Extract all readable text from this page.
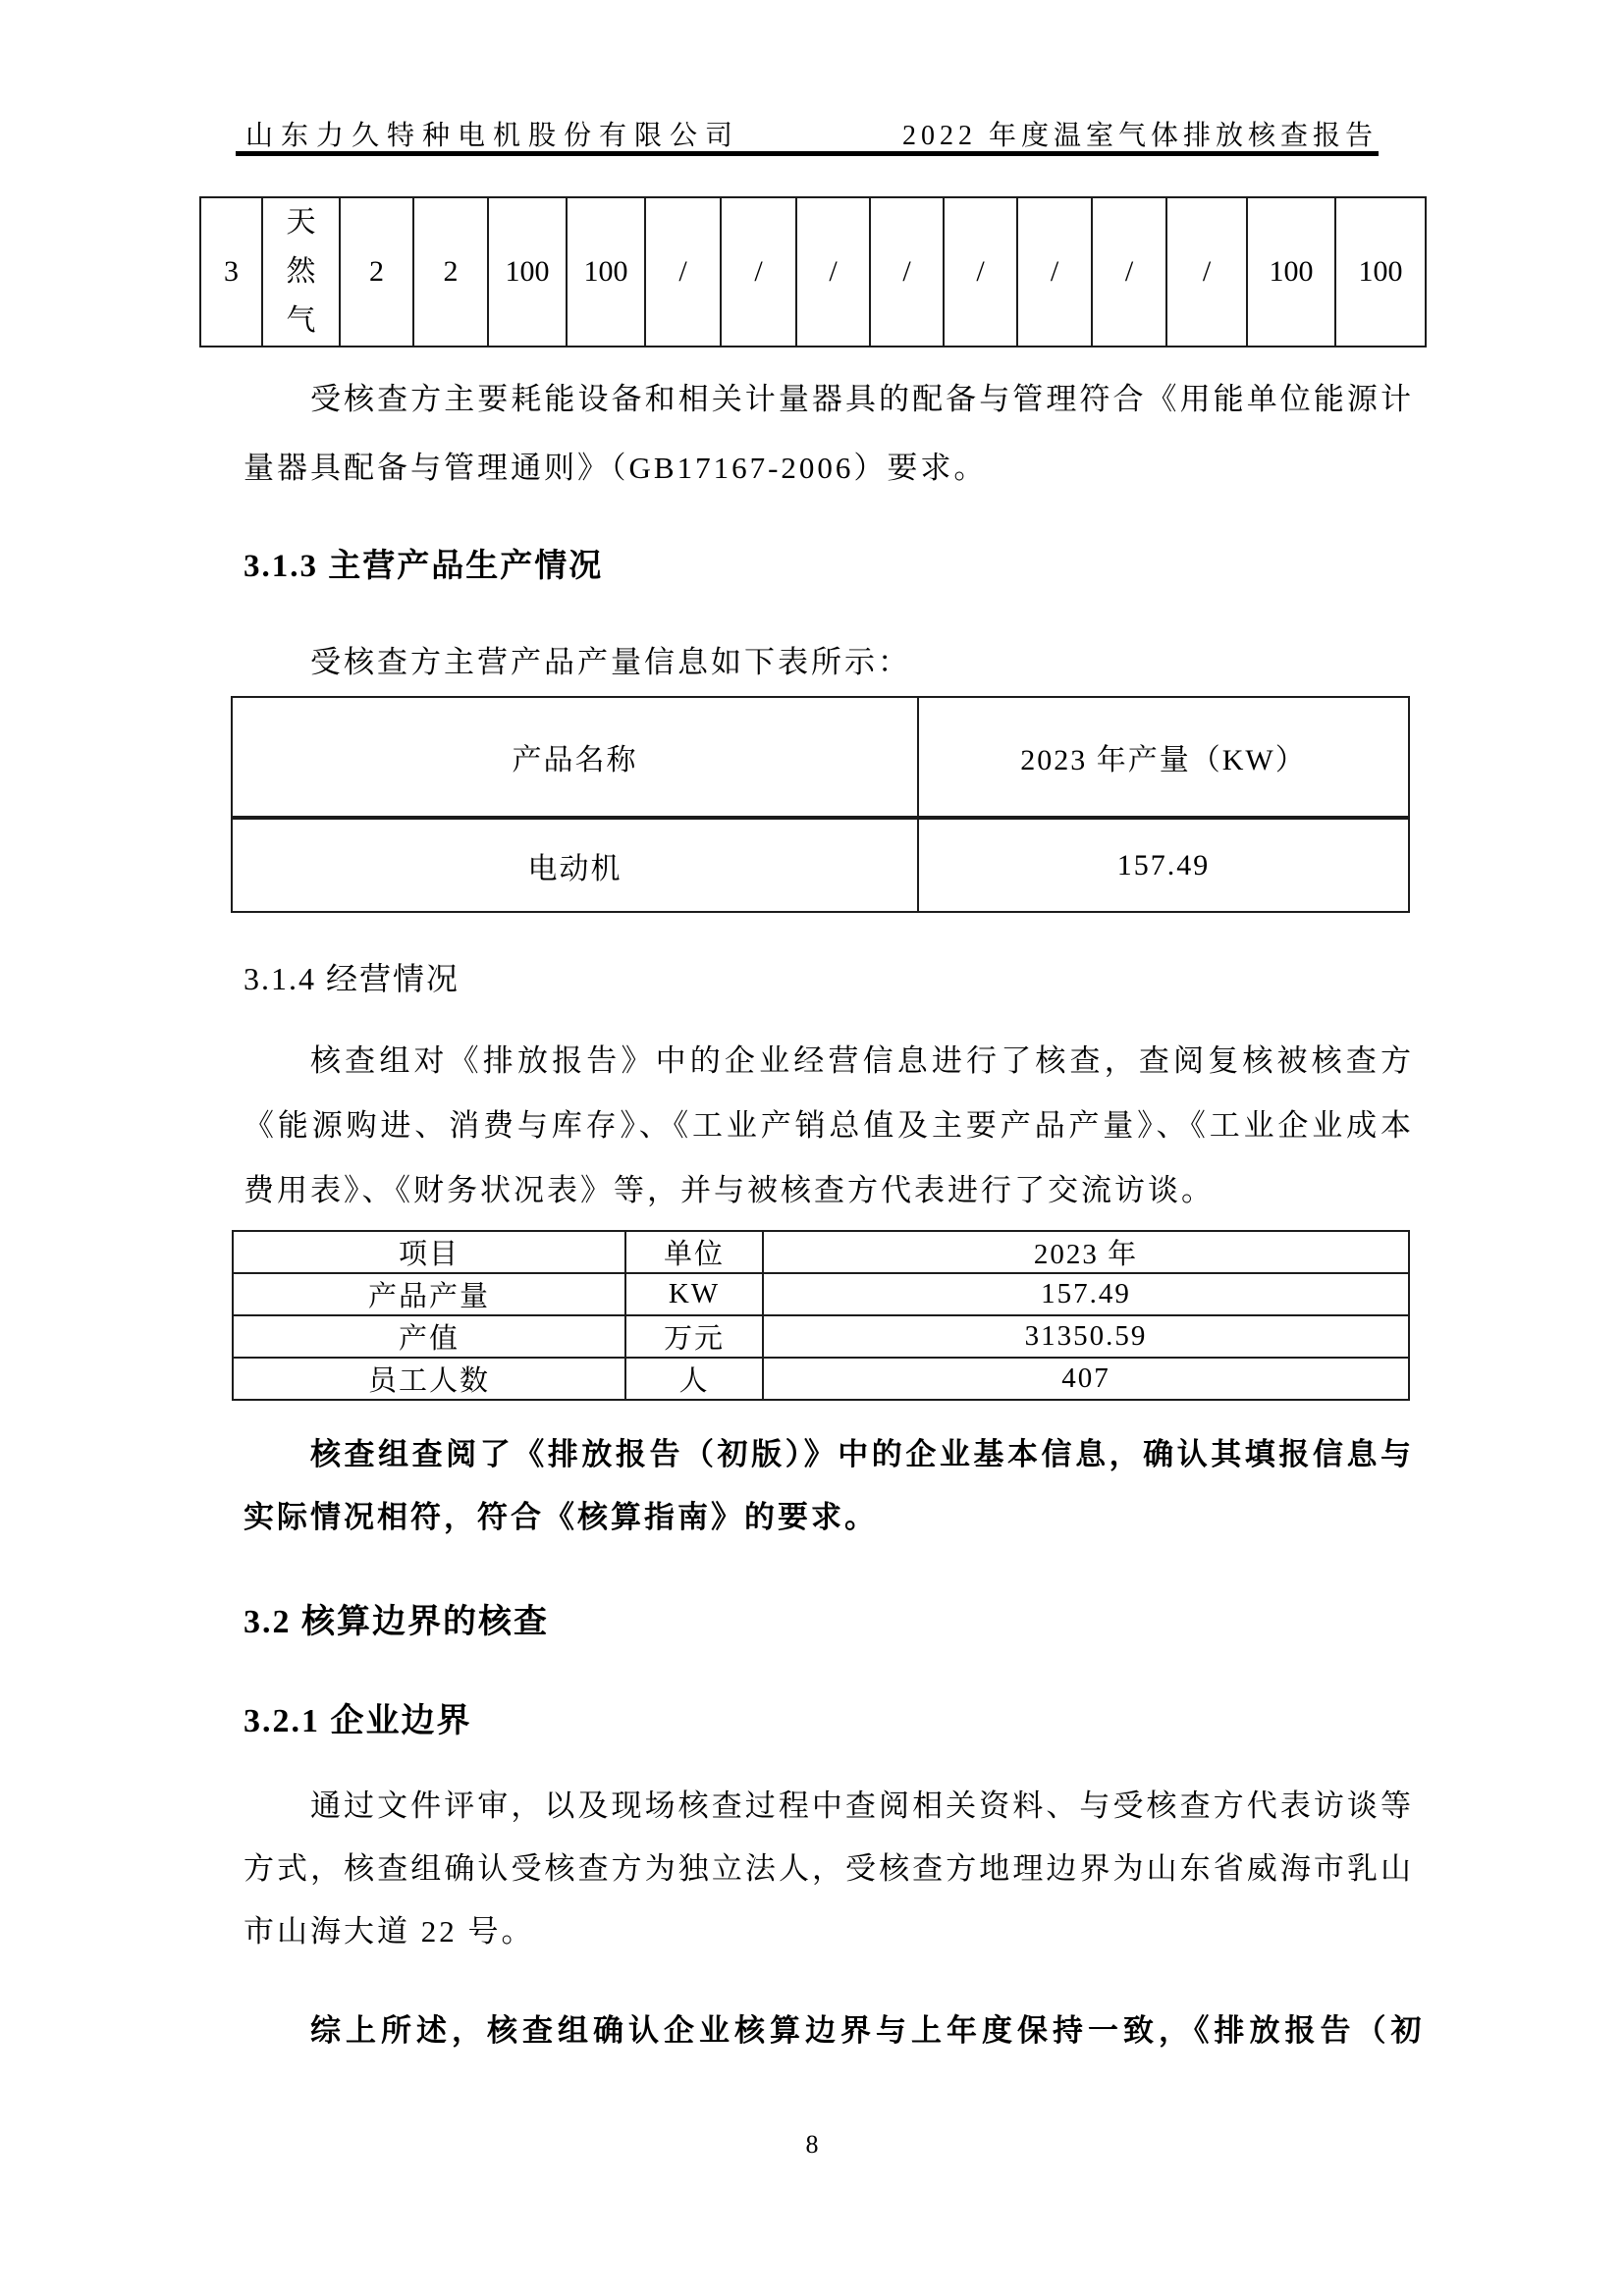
山东力久特种电机股份有限公司	2022 年度温室气体排放核查报告
3	天然气	2	2	100	100	/	/	/	/	/	/	/	/	100	100
受核查方主要耗能设备和相关计量器具的配备与管理符合《用能单位能源计量器具配备与管理通则》（GB17167-2006）要求。
3.1.3 主营产品生产情况
受核查方主营产品产量信息如下表所示：
产品名称	2023 年产量（KW）
电动机	157.49
3.1.4 经营情况
核查组对《排放报告》中的企业经营信息进行了核查，查阅复核被核查方《能源购进、消费与库存》、《工业产销总值及主要产品产量》、《工业企业成本费用表》、《财务状况表》等，并与被核查方代表进行了交流访谈。
项目	单位	2023 年
产品产量	KW	157.49
产值	万元	31350.59
员工人数	人	407
核查组查阅了《排放报告（初版）》中的企业基本信息，确认其填报信息与实际情况相符，符合《核算指南》的要求。
3.2 核算边界的核查
3.2.1 企业边界
通过文件评审，以及现场核查过程中查阅相关资料、与受核查方代表访谈等方式，核查组确认受核查方为独立法人，受核查方地理边界为山东省威海市乳山市山海大道 22 号。
综上所述，核查组确认企业核算边界与上年度保持一致，《排放报告（初
8
